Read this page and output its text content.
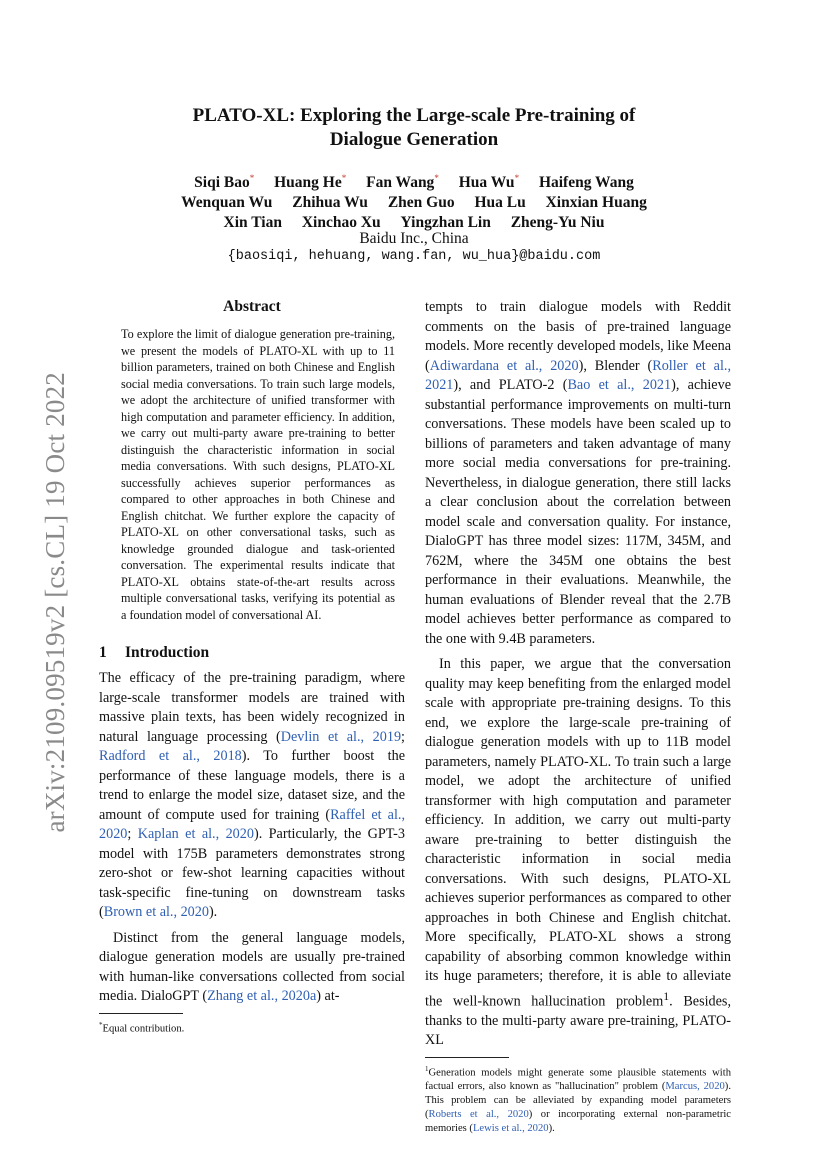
arXiv:2109.09519v2 [cs.CL] 19 Oct 2022
PLATO-XL: Exploring the Large-scale Pre-training of
Dialogue Generation
Siqi Bao* Huang He* Fan Wang* Hua Wu* Haifeng Wang
Wenquan Wu Zhihua Wu Zhen Guo Hua Lu Xinxian Huang
Xin Tian Xinchao Xu Yingzhan Lin Zheng-Yu Niu
Baidu Inc., China
{baosiqi, hehuang, wang.fan, wu_hua}@baidu.com
Abstract

To explore the limit of dialogue generation pre-training, we present the models of PLATO-XL with up to 11 billion parameters, trained on both Chinese and English social media conversations. To train such large models, we adopt the architecture of unified transformer with high computation and parameter efficiency. In addition, we carry out multi-party aware pre-training to better distinguish the characteristic information in social media conversations. With such designs, PLATO-XL successfully achieves superior performances as compared to other approaches in both Chinese and English chitchat. We further explore the capacity of PLATO-XL on other conversational tasks, such as knowledge grounded dialogue and task-oriented conversation. The experimental results indicate that PLATO-XL obtains state-of-the-art results across multiple conversational tasks, verifying its potential as a foundation model of conversational AI.

1 Introduction

The efficacy of the pre-training paradigm, where large-scale transformer models are trained with massive plain texts, has been widely recognized in natural language processing (Devlin et al., 2019; Radford et al., 2018). To further boost the performance of these language models, there is a trend to enlarge the model size, dataset size, and the amount of compute used for training (Raffel et al., 2020; Kaplan et al., 2020). Particularly, the GPT-3 model with 175B parameters demonstrates strong zero-shot or few-shot learning capacities without task-specific fine-tuning on downstream tasks (Brown et al., 2020).

Distinct from the general language models, dialogue generation models are usually pre-trained with human-like conversations collected from social media. DialoGPT (Zhang et al., 2020a) at-

*Equal contribution.

tempts to train dialogue models with Reddit comments on the basis of pre-trained language models. More recently developed models, like Meena (Adiwardana et al., 2020), Blender (Roller et al., 2021), and PLATO-2 (Bao et al., 2021), achieve substantial performance improvements on multi-turn conversations. These models have been scaled up to billions of parameters and taken advantage of many more social media conversations for pre-training. Nevertheless, in dialogue generation, there still lacks a clear conclusion about the correlation between model scale and conversation quality. For instance, DialoGPT has three model sizes: 117M, 345M, and 762M, where the 345M one obtains the best performance in their evaluations. Meanwhile, the human evaluations of Blender reveal that the 2.7B model achieves better performance as compared to the one with 9.4B parameters.

In this paper, we argue that the conversation quality may keep benefiting from the enlarged model scale with appropriate pre-training designs. To this end, we explore the large-scale pre-training of dialogue generation models with up to 11B model parameters, namely PLATO-XL. To train such a large model, we adopt the architecture of unified transformer with high computation and parameter efficiency. In addition, we carry out multi-party aware pre-training to better distinguish the characteristic information in social media conversations. With such designs, PLATO-XL achieves superior performances as compared to other approaches in both Chinese and English chitchat. More specifically, PLATO-XL shows a strong capability of absorbing common knowledge within its huge parameters; therefore, it is able to alleviate the well-known hallucination problem$^1$. Besides, thanks to the multi-party aware pre-training, PLATO-XL

$^1$Generation models might generate some plausible statements with factual errors, also known as "hallucination" problem (Marcus, 2020). This problem can be alleviated by expanding model parameters (Roberts et al., 2020) or incorporating external non-parametric memories (Lewis et al., 2020).
